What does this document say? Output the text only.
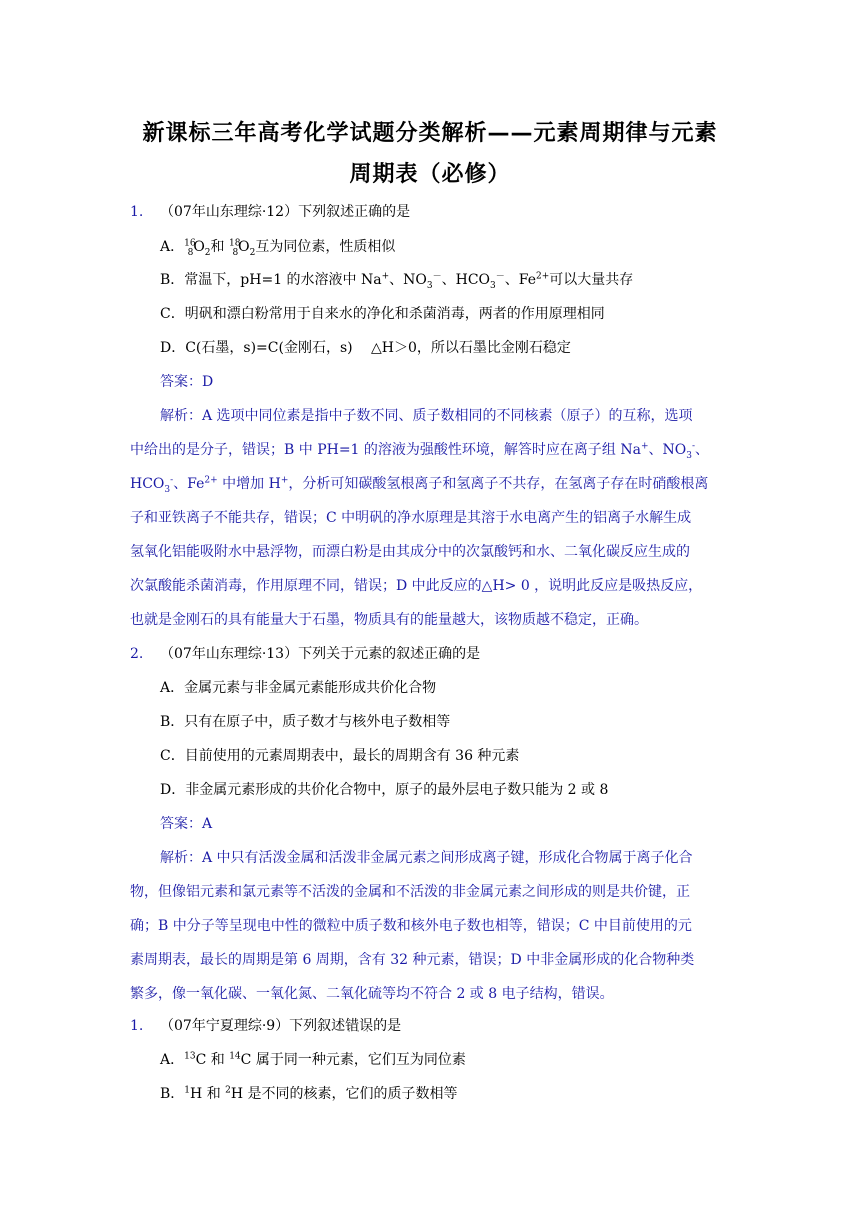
新课标三年高考化学试题分类解析——元素周期律与元素
周期表（必修）
1. （07年山东理综·12）下列叙述正确的是
A．$^{16}_8O_2$和 $^{18}_8O_2$互为同位素，性质相似
B．常温下，pH=1 的水溶液中 Na+、$NO_3^-$、$HCO_3^-$、$Fe^{2+}$可以大量共存
C．明矾和漂白粉常用于自来水的净化和杀菌消毒，两者的作用原理相同
D．C(石墨，s)=C(金刚石，s)　 △H＞0，所以石墨比金刚石稳定
答案：D
解析：A 选项中同位素是指中子数不同、质子数相同的不同核素（原子）的互称，选项
中给出的是分子，错误；B 中 PH=1 的溶液为强酸性环境，解答时应在离子组 Na+、$NO_3^-$、
$HCO_3^-$、$Fe^{2+}$ 中增加 H+，分析可知碳酸氢根离子和氢离子不共存，在氢离子存在时硝酸根离
子和亚铁离子不能共存，错误；C 中明矾的净水原理是其溶于水电离产生的铝离子水解生成
氢氧化铝能吸附水中悬浮物，而漂白粉是由其成分中的次氯酸钙和水、二氧化碳反应生成的
次氯酸能杀菌消毒，作用原理不同，错误；D 中此反应的△H> 0 ，说明此反应是吸热反应，
也就是金刚石的具有能量大于石墨，物质具有的能量越大，该物质越不稳定，正确。
2. （07年山东理综·13）下列关于元素的叙述正确的是
A．金属元素与非金属元素能形成共价化合物
B．只有在原子中，质子数才与核外电子数相等
C．目前使用的元素周期表中，最长的周期含有 36 种元素
D．非金属元素形成的共价化合物中，原子的最外层电子数只能为 2 或 8
答案：A
解析：A 中只有活泼金属和活泼非金属元素之间形成离子键，形成化合物属于离子化合
物，但像铝元素和氯元素等不活泼的金属和不活泼的非金属元素之间形成的则是共价键，正
确；B 中分子等呈现电中性的微粒中质子数和核外电子数也相等，错误；C 中目前使用的元
素周期表，最长的周期是第 6 周期，含有 32 种元素，错误；D 中非金属形成的化合物种类
繁多，像一氧化碳、一氧化氮、二氧化硫等均不符合 2 或 8 电子结构，错误。
1. （07年宁夏理综·9）下列叙述错误 · · ·的是
A．$^{13}$C 和 $^{14}$C 属于同一种元素，它们互为同位素
B．$^1$H 和 $^2$H 是不同的核素，它们的质子数相等
